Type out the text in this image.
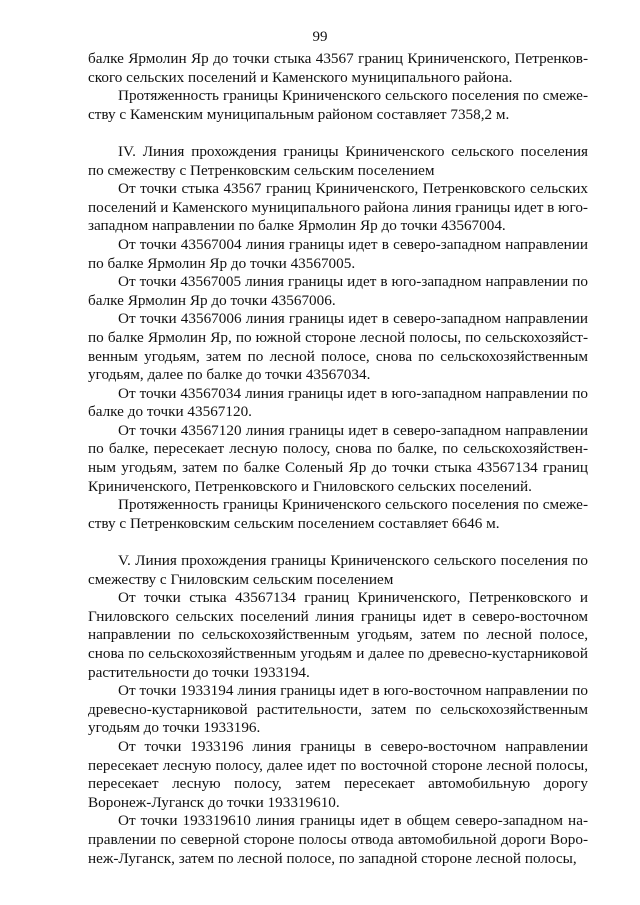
99

балке Ярмолин Яр до точки стыка 43567 границ Криниченского, Петренковского сельских поселений и Каменского муниципального района.

Протяженность границы Криниченского сельского поселения по смежеству с Каменским муниципальным районом составляет 7358,2 м.

IV. Линия прохождения границы Криниченского сельского поселения по смежеству с Петренковским сельским поселением

От точки стыка 43567 границ Криниченского, Петренковского сельских поселений и Каменского муниципального района линия границы идет в юго-западном направлении по балке Ярмолин Яр до точки 43567004.

От точки 43567004 линия границы идет в северо-западном направлении по балке Ярмолин Яр до точки 43567005.

От точки 43567005 линия границы идет в юго-западном направлении по балке Ярмолин Яр до точки 43567006.

От точки 43567006 линия границы идет в северо-западном направлении по балке Ярмолин Яр, по южной стороне лесной полосы, по сельскохозяйственным угодьям, затем по лесной полосе, снова по сельскохозяйственным угодьям, далее по балке до точки 43567034.

От точки 43567034 линия границы идет в юго-западном направлении по балке до точки 43567120.

От точки 43567120 линия границы идет в северо-западном направлении по балке, пересекает лесную полосу, снова по балке, по сельскохозяйственным угодьям, затем по балке Соленый Яр до точки стыка 43567134 границ Криниченского, Петренковского и Гниловского сельских поселений.

Протяженность границы Криниченского сельского поселения по смежеству с Петренковским сельским поселением составляет 6646 м.

V. Линия прохождения границы Криниченского сельского поселения по смежеству с Гниловским сельским поселением

От точки стыка 43567134 границ Криниченского, Петренковского и Гниловского сельских поселений линия границы идет в северо-восточном направлении по сельскохозяйственным угодьям, затем по лесной полосе, снова по сельскохозяйственным угодьям и далее по древесно-кустарниковой растительности до точки 1933194.

От точки 1933194 линия границы идет в юго-восточном направлении по древесно-кустарниковой растительности, затем по сельскохозяйственным угодьям до точки 1933196.

От точки 1933196 линия границы в северо-восточном направлении пересекает лесную полосу, далее идет по восточной стороне лесной полосы, пересекает лесную полосу, затем пересекает автомобильную дорогу Воронеж-Луганск до точки 193319610.

От точки 193319610 линия границы идет в общем северо-западном направлении по северной стороне полосы отвода автомобильной дороги Воронеж-Луганск, затем по лесной полосе, по западной стороне лесной полосы,
